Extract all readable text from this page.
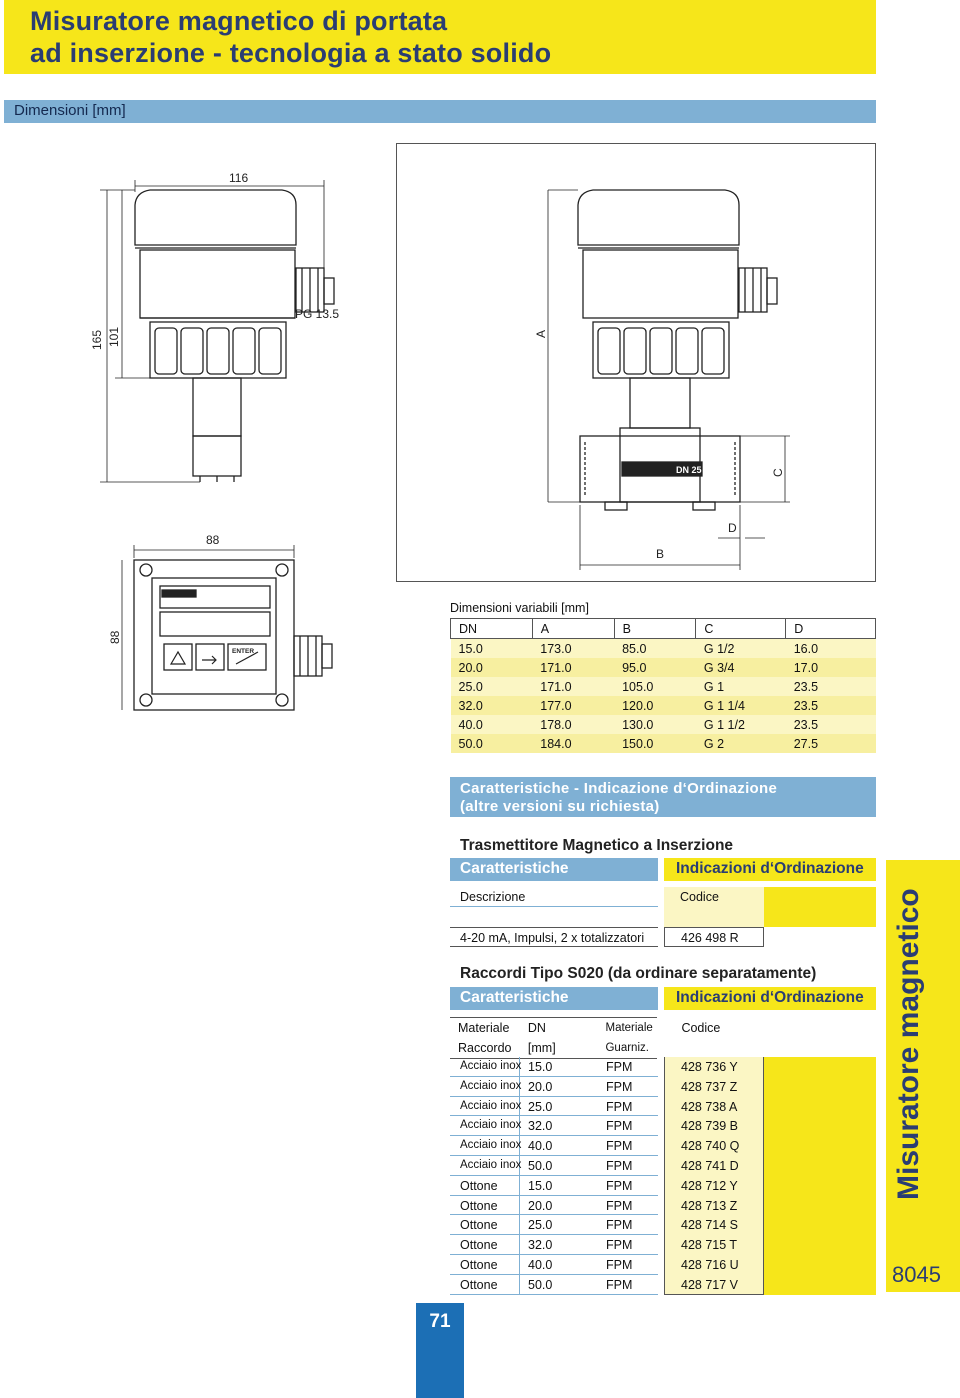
Misuratore magnetico di portata
ad inserzione - tecnologia a stato solido
Dimensioni [mm]
116
165 101
PG 13.5
A
C
D
B
88
88
DN 25
ENTER
Dimensioni variabili [mm]
DN	A	B	C	D
15.0	173.0	85.0	G 1/2	16.0
20.0	171.0	95.0	G 3/4	17.0
25.0	171.0	105.0	G 1	23.5
32.0	177.0	120.0	G 1 1/4	23.5
40.0	178.0	130.0	G 1 1/2	23.5
50.0	184.0	150.0	G 2	27.5
Caratteristiche - Indicazione d‘Ordinazione
(altre versioni su richiesta)
Trasmettitore Magnetico a Inserzione
Caratteristiche	Indicazioni d‘Ordinazione
Descrizione	Codice
4-20 mA, Impulsi, 2 x totalizzatori	426 498 R
Raccordi Tipo S020 (da ordinare separatamente)
Caratteristiche	Indicazioni d‘Ordinazione
Materiale	DN	Materiale		Codice	
Raccordo	[mm]	Guarniz.			
Acciaio inox 15.0	FPM	428 736 Y
Acciaio inox 20.0	FPM	428 737 Z
Acciaio inox 25.0	FPM	428 738 A
Acciaio inox 32.0	FPM	428 739 B
Acciaio inox 40.0	FPM	428 740 Q
Acciaio inox 50.0	FPM	428 741 D
Ottone	15.0	FPM	428 712 Y
Ottone	20.0	FPM	428 713 Z
Ottone	25.0	FPM	428 714 S
Ottone	32.0	FPM	428 715 T
Ottone	40.0	FPM	428 716 U
Ottone	50.0	FPM	428 717 V
Misuratore magnetico
8045
71
